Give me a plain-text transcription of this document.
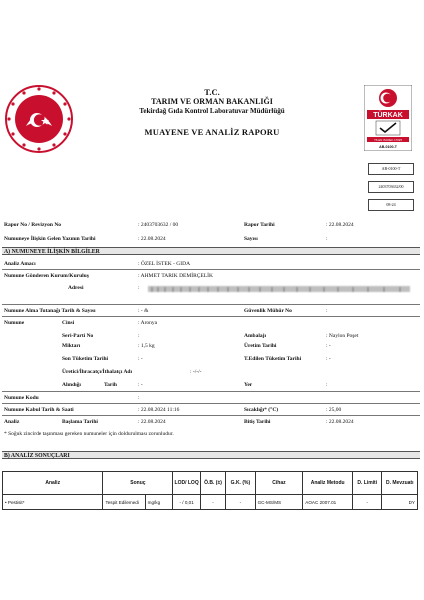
T.C.
TARIM VE ORMAN BAKANLIĞI
Tekirdağ Gıda Kontrol Laboratuvar Müdürlüğü
MUAYENE VE ANALİZ RAPORU
TÜRKAK
TS EN ISO/IEC 17025
AB-0100-T
AB-0100-T
2403703632/00
08-24
Rapor No / Revizyon No	: 2403703632 / 00	Rapor Tarihi	: 22.08.2024
Numuneye İlişkin Gelen Yazının Tarihi	: 22.08.2024	Sayısı	:
A) NUMUNEYE İLİŞKİN BİLGİLER
Analiz Amacı	: ÖZEL İSTEK - GIDA
Numune Gönderen Kurum/Kuruluş	: AHMET TARIK DEMİRÇELİK
Adresi	:
Numune Alma Tutanağı Tarih & Sayısı	: - &	Güvenlik Mühür No	:
Numune	Cinsi	: Aronya
Seri-Parti No	:	Ambalajı	: Naylon Poşet
Miktarı	: 1,5 kg	Üretim Tarihi	: -
Son Tüketim Tarihi	: -	T.Edilen Tüketim Tarihi	: -
Üretici/İhracatçı/İthalatçı Adı	: -/-/-
Alındığı	Tarih	: -	Yer	:
Numune Kodu	:
Numune Kabul Tarih & Saati	: 22.08.2024 11:16	Sıcaklığı* (°C)	: 25,00
Analiz	Başlama Tarihi	: 22.08.2024	Bitiş Tarihi	: 22.08.2024
* Soğuk zincirde taşınması gereken numuneler için doldurulması zorunludur.
B) ANALİZ SONUÇLARI
Analiz	Sonuç		LOD/ LOQ	Ö.B. (±)	G.K. (%)	Cihaz	Analiz Metodu	D. Limiti	D. Mevzuatı
• Pestisit*	Tespit Edilemedi	mg/kg	- / 0,01	-	-	GC-MS/MS	AOAC 2007.01	-	DY
